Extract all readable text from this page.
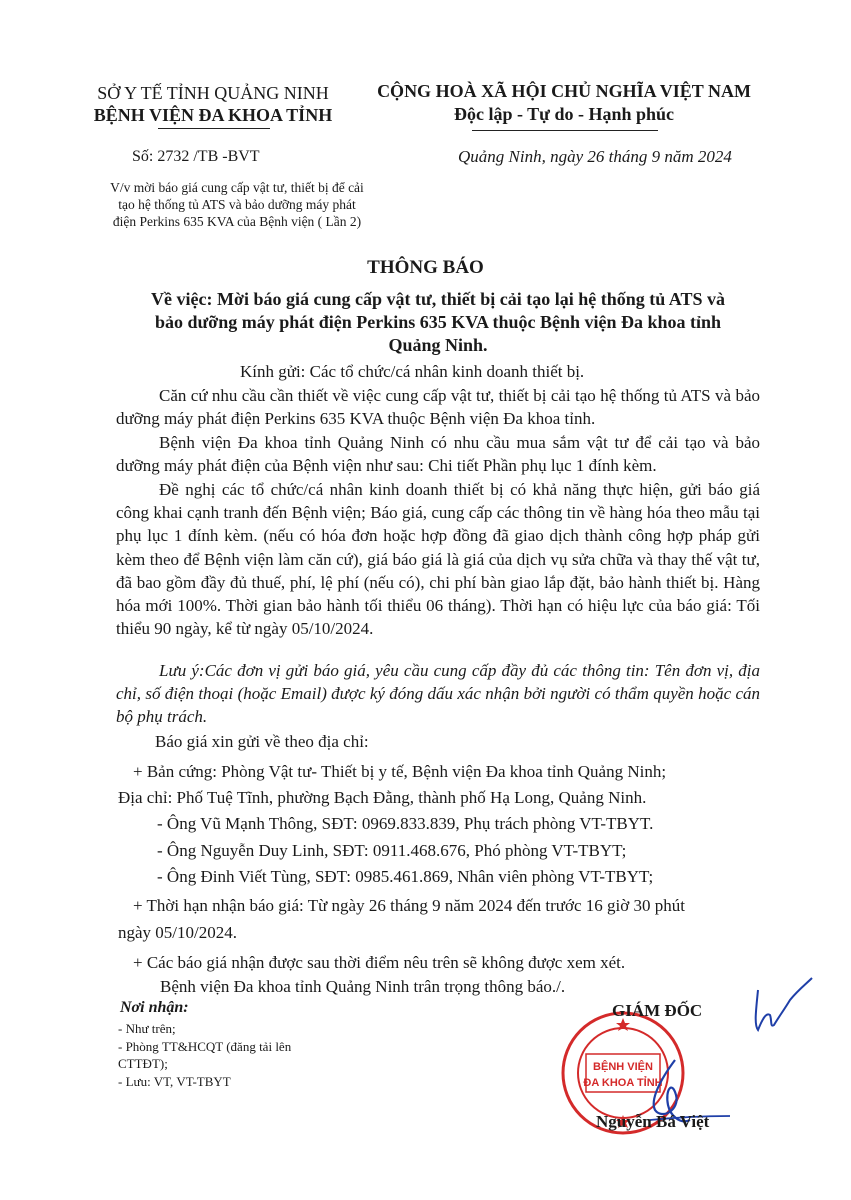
SỞ Y TẾ TỈNH QUẢNG NINH
BỆNH VIỆN ĐA KHOA TỈNH
CỘNG HOÀ XÃ HỘI CHỦ NGHĨA VIỆT NAM
Độc lập - Tự do - Hạnh phúc
Số: 2732 /TB -BVT	Quảng Ninh, ngày 26 tháng 9 năm 2024
V/v mời báo giá cung cấp vật tư, thiết bị để cải
tạo hệ thống tủ ATS và bảo dưỡng máy phát
điện Perkins 635 KVA của Bệnh viện ( Lần 2)
THÔNG BÁO
Về việc: Mời báo giá cung cấp vật tư, thiết bị cải tạo lại hệ thống tủ ATS và
bảo dưỡng máy phát điện Perkins 635 KVA thuộc Bệnh viện Đa khoa tỉnh
Quảng Ninh.
Kính gửi: Các tổ chức/cá nhân kinh doanh thiết bị.
Căn cứ nhu cầu cần thiết về việc cung cấp vật tư, thiết bị cải tạo hệ thống tủ ATS và bảo dưỡng máy phát điện Perkins 635 KVA thuộc Bệnh viện Đa khoa tỉnh.
Bệnh viện Đa khoa tỉnh Quảng Ninh có nhu cầu mua sắm vật tư để cải tạo và bảo dưỡng máy phát điện của Bệnh viện như sau: Chi tiết Phần phụ lục 1 đính kèm.
Đề nghị các tổ chức/cá nhân kinh doanh thiết bị có khả năng thực hiện, gửi báo giá công khai cạnh tranh đến Bệnh viện; Báo giá, cung cấp các thông tin về hàng hóa theo mẫu tại phụ lục 1 đính kèm. (nếu có hóa đơn hoặc hợp đồng đã giao dịch thành công hợp pháp gửi kèm theo để Bệnh viện làm căn cứ), giá báo giá là giá của dịch vụ sửa chữa và thay thế vật tư, đã bao gồm đầy đủ thuế, phí, lệ phí (nếu có), chi phí bàn giao lắp đặt, bảo hành thiết bị. Hàng hóa mới 100%. Thời gian bảo hành tối thiểu 06 tháng). Thời hạn có hiệu lực của báo giá: Tối thiểu 90 ngày, kể từ ngày 05/10/2024.
Lưu ý:Các đơn vị gửi báo giá, yêu cầu cung cấp đầy đủ các thông tin: Tên đơn vị, địa chỉ, số điện thoại (hoặc Email) được ký đóng dấu xác nhận bởi người có thẩm quyền hoặc cán bộ phụ trách.
Báo giá xin gửi về theo địa chỉ:
+ Bản cứng: Phòng Vật tư- Thiết bị y tế, Bệnh viện Đa khoa tỉnh Quảng Ninh;
Địa chỉ: Phố Tuệ Tĩnh, phường Bạch Đằng, thành phố Hạ Long, Quảng Ninh.
- Ông Vũ Mạnh Thông, SĐT: 0969.833.839, Phụ trách phòng VT-TBYT.
- Ông Nguyễn Duy Linh, SĐT: 0911.468.676, Phó phòng VT-TBYT;
- Ông Đinh Viết Tùng, SĐT: 0985.461.869, Nhân viên phòng VT-TBYT;
+ Thời hạn nhận báo giá: Từ ngày 26 tháng 9 năm 2024 đến trước 16 giờ 30 phút
ngày 05/10/2024.
+ Các báo giá nhận được sau thời điểm nêu trên sẽ không được xem xét.
Bệnh viện Đa khoa tỉnh Quảng Ninh trân trọng thông báo./.
Nơi nhận:
- Như trên;
- Phòng TT&HCQT (đăng tải lên
CTTĐT);
- Lưu: VT, VT-TBYT
BỆNH VIỆN
ĐA KHOA TỈNH
GIÁM ĐỐC
Nguyễn Bá Việt
